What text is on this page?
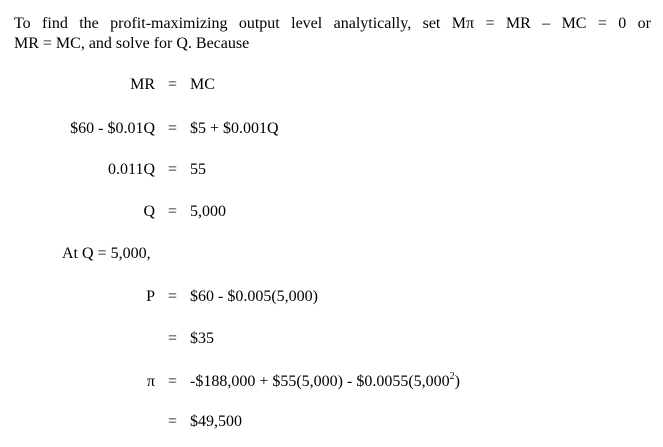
To find the profit-maximizing output level analytically, set Mπ = MR – MC = 0 or
MR = MC, and solve for Q. Because
MR = MC
$60 - $0.01Q = $5 + $0.001Q
0.011Q = 55
Q = 5,000
At Q = 5,000,
P = $60 - $0.005(5,000)
= $35
π = -$188,000 + $55(5,000) - $\$0.0055(5,000^2)$
= $49,500
